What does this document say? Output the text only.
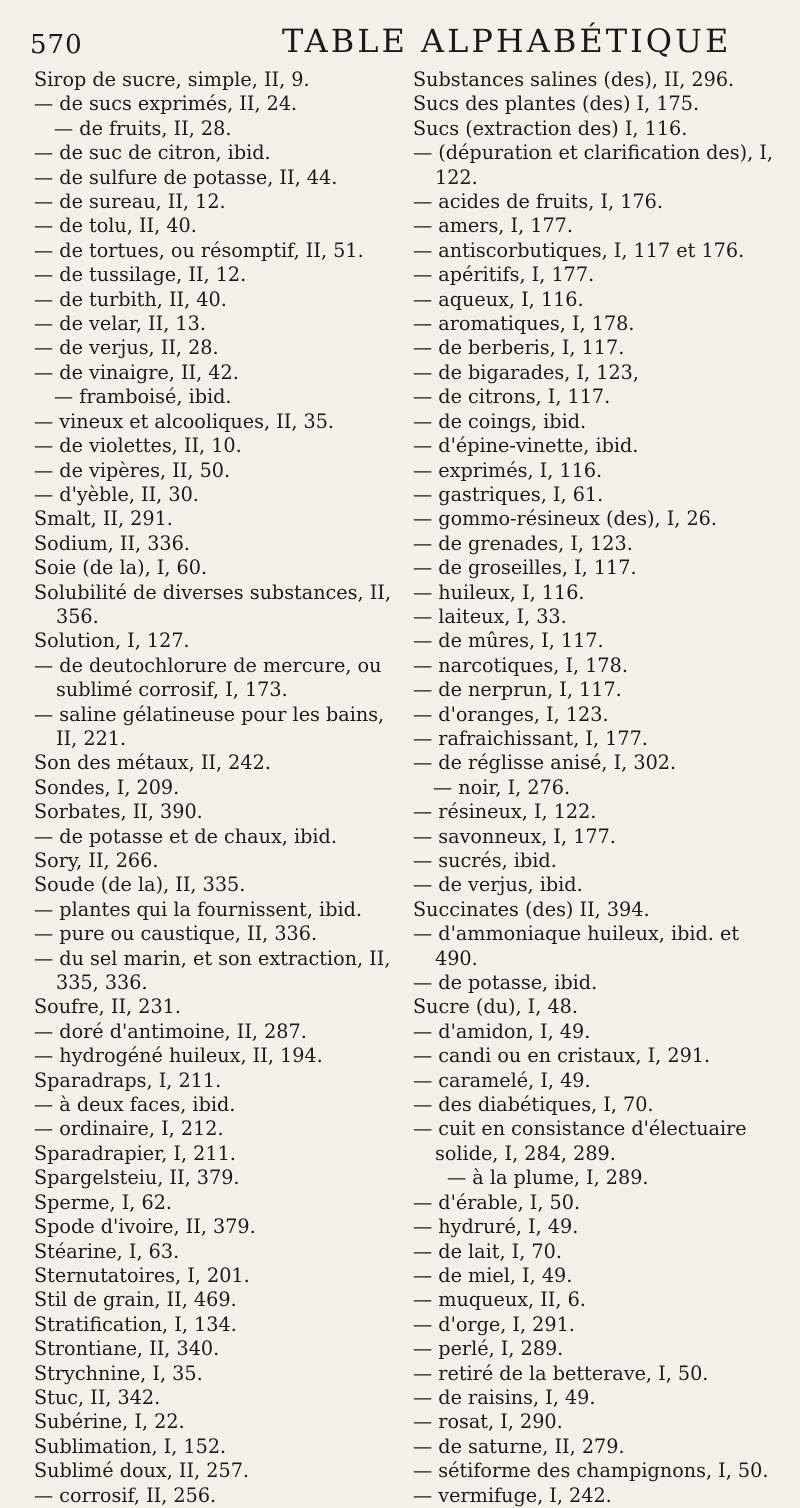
570	TABLE ALPHABÉTIQUE
Sirop de sucre, simple, II, 9.
— de sucs exprimés, II, 24.
— de fruits, II, 28.
— de suc de citron, ibid.
— de sulfure de potasse, II, 44.
— de sureau, II, 12.
— de tolu, II, 40.
— de tortues, ou résomptif, II, 51.
— de tussilage, II, 12.
— de turbith, II, 40.
— de velar, II, 13.
— de verjus, II, 28.
— de vinaigre, II, 42.
— framboisé, ibid.
— vineux et alcooliques, II, 35.
— de violettes, II, 10.
— de vipères, II, 50.
— d'yèble, II, 30.
Smalt, II, 291.
Sodium, II, 336.
Soie (de la), I, 60.
Solubilité de diverses substances, II, 356.
Solution, I, 127.
— de deutochlorure de mercure, ou sublimé corrosif, I, 173.
— saline gélatineuse pour les bains, II, 221.
Son des métaux, II, 242.
Sondes, I, 209.
Sorbates, II, 390.
— de potasse et de chaux, ibid.
Sory, II, 266.
Soude (de la), II, 335.
— plantes qui la fournissent, ibid.
— pure ou caustique, II, 336.
— du sel marin, et son extraction, II, 335, 336.
Soufre, II, 231.
— doré d'antimoine, II, 287.
— hydrogéné huileux, II, 194.
Sparadraps, I, 211.
— à deux faces, ibid.
— ordinaire, I, 212.
Sparadrapier, I, 211.
Spargelsteiu, II, 379.
Sperme, I, 62.
Spode d'ivoire, II, 379.
Stéarine, I, 63.
Sternutatoires, I, 201.
Stil de grain, II, 469.
Stratification, I, 134.
Strontiane, II, 340.
Strychnine, I, 35.
Stuc, II, 342.
Subérine, I, 22.
Sublimation, I, 152.
Sublimé doux, II, 257.
— corrosif, II, 256.
Substances salines (des), II, 296.
Sucs des plantes (des) I, 175.
Sucs (extraction des) I, 116.
— (dépuration et clarification des), I, 122.
— acides de fruits, I, 176.
— amers, I, 177.
— antiscorbutiques, I, 117 et 176.
— apéritifs, I, 177.
— aqueux, I, 116.
— aromatiques, I, 178.
— de berberis, I, 117.
— de bigarades, I, 123,
— de citrons, I, 117.
— de coings, ibid.
— d'épine-vinette, ibid.
— exprimés, I, 116.
— gastriques, I, 61.
— gommo-résineux (des), I, 26.
— de grenades, I, 123.
— de groseilles, I, 117.
— huileux, I, 116.
— laiteux, I, 33.
— de mûres, I, 117.
— narcotiques, I, 178.
— de nerprun, I, 117.
— d'oranges, I, 123.
— rafraichissant, I, 177.
— de réglisse anisé, I, 302.
— noir, I, 276.
— résineux, I, 122.
— savonneux, I, 177.
— sucrés, ibid.
— de verjus, ibid.
Succinates (des) II, 394.
— d'ammoniaque huileux, ibid. et 490.
— de potasse, ibid.
Sucre (du), I, 48.
— d'amidon, I, 49.
— candi ou en cristaux, I, 291.
— caramelé, I, 49.
— des diabétiques, I, 70.
— cuit en consistance d'électuaire solide, I, 284, 289.
— à la plume, I, 289.
— d'érable, I, 50.
— hydruré, I, 49.
— de lait, I, 70.
— de miel, I, 49.
— muqueux, II, 6.
— d'orge, I, 291.
— perlé, I, 289.
— retiré de la betterave, I, 50.
— de raisins, I, 49.
— rosat, I, 290.
— de saturne, II, 279.
— sétiforme des champignons, I, 50.
— vermifuge, I, 242.
